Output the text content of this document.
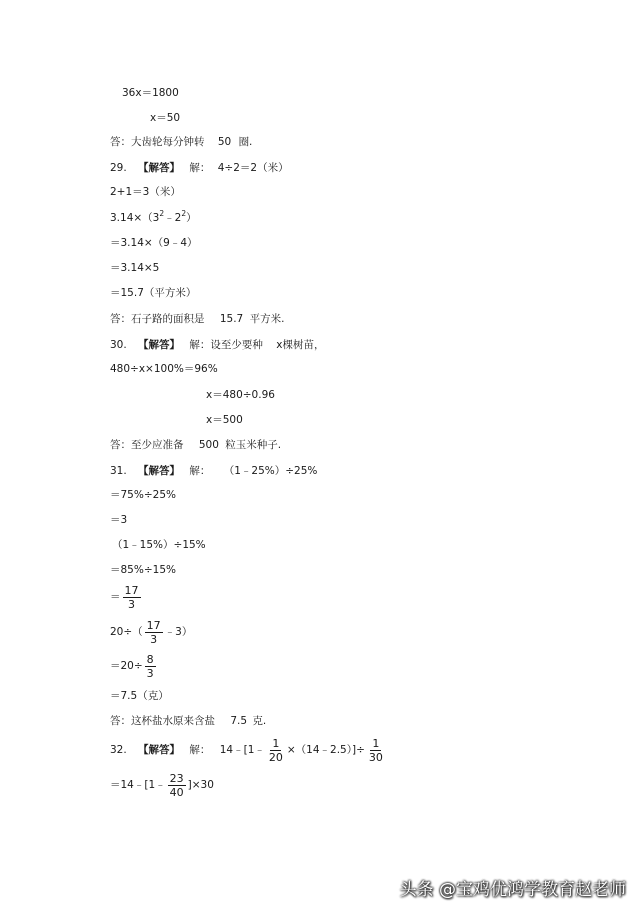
36x＝1800
x＝50
答：大齿轮每分钟转 50 圈.
29. 【解答】 解： 4÷2＝2（米）
2+1＝3（米）
$3.14\times(3^2﹣2^2)$
＝3.14×（9﹣4）
＝3.14×5
＝15.7（平方米）
答：石子路的面积是 15.7 平方米.
30. 【解答】 解：设至少要种 x棵树苗，
480÷x×100%＝96%
x＝480÷0.96
x＝500
答：至少应准备 500 粒玉米种子.
31. 【解答】 解： （1﹣25%）÷25%
＝75%÷25%
＝3
（1﹣15%）÷15%
＝85%÷15%
＝ $\frac{17}{3}$
$20\div( \frac{17}{3}$ ﹣3）
$=20\div \frac{8}{3}$
＝7.5（克）
答：这杯盐水原来含盐 7.5 克.
32. 【解答】 解： 14﹣[1﹣ $\frac{1}{20}$ ×（14﹣2.5）]÷ $\frac{1}{30}$
＝14﹣[1﹣ $\frac{23}{40} ]\times 30$
头条 @宝鸡优鸿学教育赵老师
